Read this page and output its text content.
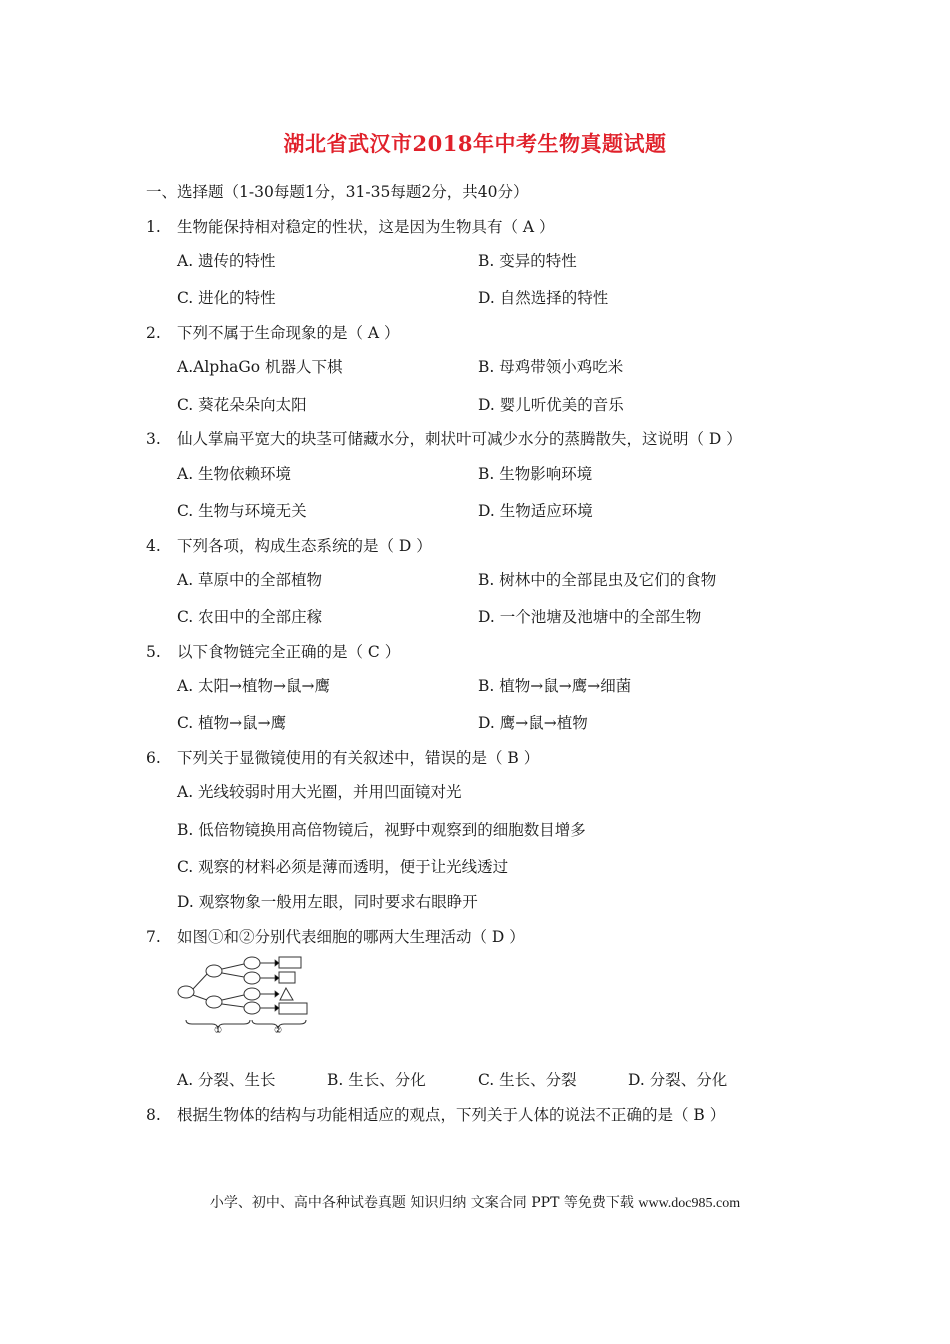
湖北省武汉市2018年中考生物真题试题
一、选择题（1-30每题1分，31-35每题2分，共40分）
1. 生物能保持相对稳定的性状，这是因为生物具有（ A ）
A. 遗传的特性	B. 变异的特性
C. 进化的特性	D. 自然选择的特性
2. 下列不属于生命现象的是（ A ）
A.AlphaGo 机器人下棋	B. 母鸡带领小鸡吃米
C. 葵花朵朵向太阳	D. 婴儿听优美的音乐
3. 仙人掌扁平宽大的块茎可储藏水分，刺状叶可减少水分的蒸腾散失，这说明（ D ）
A. 生物依赖环境	B. 生物影响环境
C. 生物与环境无关	D. 生物适应环境
4. 下列各项，构成生态系统的是（ D ）
A. 草原中的全部植物	B. 树林中的全部昆虫及它们的食物
C. 农田中的全部庄稼	D. 一个池塘及池塘中的全部生物
5. 以下食物链完全正确的是（ C ）
A. 太阳→植物→鼠→鹰	B. 植物→鼠→鹰→细菌
C. 植物→鼠→鹰	D. 鹰→鼠→植物
6. 下列关于显微镜使用的有关叙述中，错误的是（ B ）
A. 光线较弱时用大光圈，并用凹面镜对光
B. 低倍物镜换用高倍物镜后，视野中观察到的细胞数目增多
C. 观察的材料必须是薄而透明，便于让光线透过
D. 观察物象一般用左眼，同时要求右眼睁开
7. 如图①和②分别代表细胞的哪两大生理活动（ D ）
①	②
A. 分裂、生长	B. 生长、分化	C. 生长、分裂	D. 分裂、分化
8. 根据生物体的结构与功能相适应的观点，下列关于人体的说法不正确的是（ B ）
小学、初中、高中各种试卷真题 知识归纳 文案合同 PPT 等免费下载 www.doc985.com
